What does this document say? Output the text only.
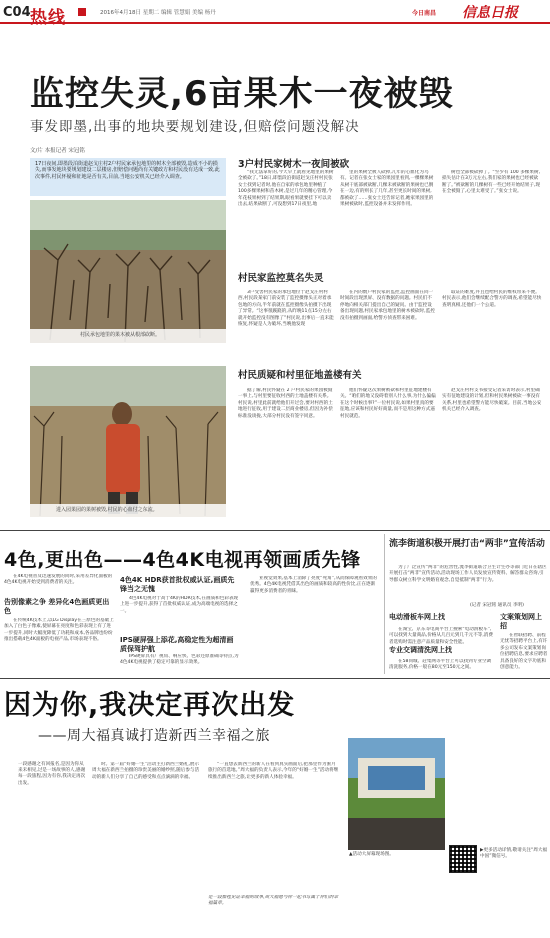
C04 热线	2016年4月18日 星期二 编辑 管慧娟 美编 杨丹	今日南昌 信息日报
监控失灵,6亩果木一夜被毁
事发即墨,出事的地块要规划建设,但赔偿问题没解决
文/片 本报记者 宋冠铭
17日夜间,即墨段泊街道赵戈庄村2户村民家承包地里的树木全部被毁,造成不小的损失,而事发地块要规划建设二层楼房,但赔偿问题尚有关键政方和村民没有达成一致,此次事件,村民怀疑和征地是否有关,目前,当地公安机关已经介入调查。
村民承包地里的果木被从根部砍断。
进入园果园的果树被毁,村民的心血付之东流。
3户村民家树木一夜间被砍

“我无法拿好的,今天早上就看见地里的果树全被砍了。”18日,即墨段泊街道赵戈庄村村民张女士找到记者时,他在自家的承包地里种植了100多棵果树和苗木树,是过几年的精心管理,今年花枝果树到了结果期,眼看果就要挂下可以卖出去,结果砍断了,可没想到17日夜里,地

里的果树全被人砍掉,几年的心血化为乌有。记者在张女士家的果园里看到,一棵棵果树从树干底部被砍断,几棵未被砍断的果树也已倒在一边,有的则长了几年,甚至更长时间的果树,都被砍了……张女士还告诉记者,她家果园里的果树被砍时,监控设备并未发挥作用。

树也全部被砍掉了。“至少有 100 多棵果树,损失估计在3万元左右,我们家的果树也已经被砍断了。”被砍断的几棵树有一些已经开始结果子,现在全被毁了,心里太难受了。”张女士说。

村民家监控莫名失灵

3户受害村民家的承包地位于赵戈庄村村西,村民段某家门前安装了监控摄像头正对着承包地的方向,半年前就在监控摄像头拍摄下出现了异常。“这事很蹊跷的,从昨晚11点15分左右就开始监控没有图像了”村民说,出事后一直未能恢复,怀疑是人为破坏,当晚他发现

在内的数户村民家的监控,监控画面在同一时间段出现黑屏、没有数据的问题。村民们不停地向相关部门提出自己的疑问。由于监控设备出现问题,村民家承包地里的树木被砍时,监控没有拍摄到画面,给警方侦查带来困难。

取证的难度,并且也给村民的维权带来不便。村民表示,他们会继续配合警方的调查,希望能尽快查明真相,还他们一个公道。

村民质疑和村里征地盖楼有关

据了解,村民怀疑在 2 户村民家的果园被毁一事上,与村里要征收村西的土地盖楼有关系。村民说,村里此前就给他们开过会,要对村西的土地进行征收,用于建设二层商业楼房,但因为补偿标准没谈拢,大部分村民没有签字同意。

他们怀疑这次果树被砍和村里征地建楼有关。“咱们的地又没碍着别人什么事,为什么偏偏在这个时候出事?”一位村民说,如果村里真的要征地,应该和村民好好商量,而不是用这种方式逼村民就范。

赵戈庄村村支书接受记者采访时表示,村里确实有征地建设的计划,但和村民果树被砍一事没有关系,村里也希望警方能尽快破案。目前,当地公安机关已经介入调查。

4色,更出色——4色4K电视再领画质先锋
告别像素之争 差异化4色画质更出色

在4K电视普及迅速发展的同时,采用差异化面板的4色4K电视开始受到消费者的关注。

在传统4K技术上,以LG Display在三原色的基础上加入了白色子像素,使屏幕在亮度和色彩表现上有了进一步提升,同时大幅度降低了功耗和成本,各品牌也纷纷推出搭载4色4K面板的电视产品,市场表现不俗。

4色4K HDR获首批权威认证,画质先锋当之无愧

4色4K电视对于高于4K的HDR技术,在画质和色彩表现上进一步提升,获得了首批权威认证,成为高端电视的选择之一。

IPS硬屏强上添花,高稳定性为超清画质保驾护航

IPS硬屏具有广视角、响应快、色彩还原准确等特点,为4色4K电视提供了稳定可靠的显示效果。

亚视觉效果,基本上消除了亮度“死角”,从而保障观看效果的优秀。4色4K电视凭借其出色的画质和较高的性价比,正在逐渐赢得更多消费者的青睐。

流李街道积极开展打击“两非”宣传活动

为了广泛宣传“两非”的危害性,流李街道联合卫生计生办等部门近日在辖区开展打击“两非”宣传活动,活动现场工作人员发放宣传资料、解答群众咨询,引导群众树立科学文明婚育观念,自觉抵制“两非”行为。

(记者 宋冠铭 通讯员 李明)
电动滑板车网上找

在淘宝、京东等电商平台上搜索“电动滑板车”,可以找到大量商品,价格从几百元到几千元不等,消费者选购时需注意产品质量和安全性能。

专业交调清洗网上找

在58同城、赶集网等平台上可以找到专业空调清洗服务,价格一般在80元至150元之间。

文案策划网上招

在智联招聘、前程无忧等招聘平台上,有许多公司发布文案策划岗位招聘信息,要求应聘者具备良好的文字功底和创意能力。

因为你,我决定再次出发
——周大福真诚打造新西兰幸福之旅
一段感谢之有回报名,是因为你从来未相见,过是一场故事的人,感谢每一段旅程,因为有你,我决定再次出发。

时。第一届“好婚一生”活动主打新西兰婚礼,展示周大福在新西兰拍摄的珍贵美丽的婚纱照,随后参与活动的新人们分享了自己的感受和点点滴滴的幸福。

“一直想去新西兰的新人在看到真实画面后,把那里作为蜜月旅行的首选地。”周大福的负责人表示,今年的“好婚一生”活动将继续推出新西兰之旅,让更多的新人体验幸福。

是一段旅程见证幸福的故事,周大福愿与你一起书写属于你们的幸福篇章。
▲活动大屏幕现场图。
▶更多活动详情,敬请关注“周大福中国”微信号。
